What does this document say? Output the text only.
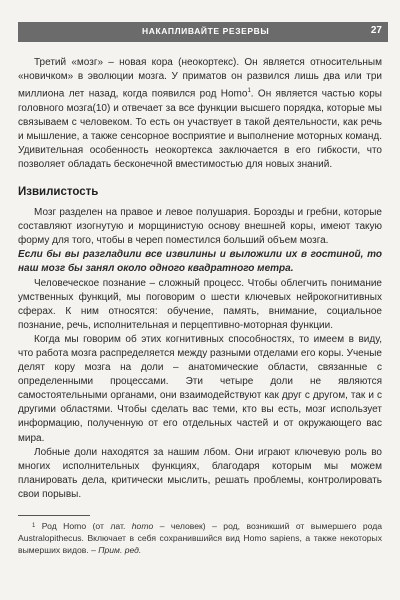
НАКАПЛИВАЙТЕ РЕЗЕРВЫ	27

Третий «мозг» – новая кора (неокортекс). Он является относительным «новичком» в эволюции мозга. У приматов он развился лишь два или три миллиона лет назад, когда появился род Homo$^1$. Он является частью коры головного мозга(10) и отвечает за все функции высшего порядка, которые мы связываем с человеком. То есть он участвует в такой деятельности, как речь и мышление, а также сенсорное восприятие и выполнение моторных команд. Удивительная особенность неокортекса заключается в его гибкости, что позволяет обладать бесконечной вместимостью для новых знаний.

Извилистость

Мозг разделен на правое и левое полушария. Борозды и гребни, которые составляют изогнутую и морщинистую основу внешней коры, имеют такую форму для того, чтобы в череп поместился больший объем мозга.

Если бы вы разгладили все извилины и выложили их в гостиной, то наш мозг бы занял около одного квадратного метра.

Человеческое познание – сложный процесс. Чтобы облегчить понимание умственных функций, мы поговорим о шести ключевых нейрокогнитивных сферах. К ним относятся: обучение, память, внимание, социальное познание, речь, исполнительная и перцептивно-моторная функции.

Когда мы говорим об этих когнитивных способностях, то имеем в виду, что работа мозга распределяется между разными отделами его коры. Ученые делят кору мозга на доли – анатомические области, связанные с определенными процессами. Эти четыре доли не являются самостоятельными органами, они взаимодействуют как друг с другом, так и с другими областями. Чтобы сделать вас теми, кто вы есть, мозг использует информацию, полученную от его отдельных частей и от окружающего вас мира.

Лобные доли находятся за нашим лбом. Они играют ключевую роль во многих исполнительных функциях, благодаря которым мы можем планировать дела, критически мыслить, решать проблемы, контролировать свои порывы.

$^1$ Род Homo (от лат. homo – человек) – род, возникший от вымершего рода Australopithecus. Включает в себя сохранившийся вид Homo sapiens, а также некоторых вымерших видов. – Прим. ред.
